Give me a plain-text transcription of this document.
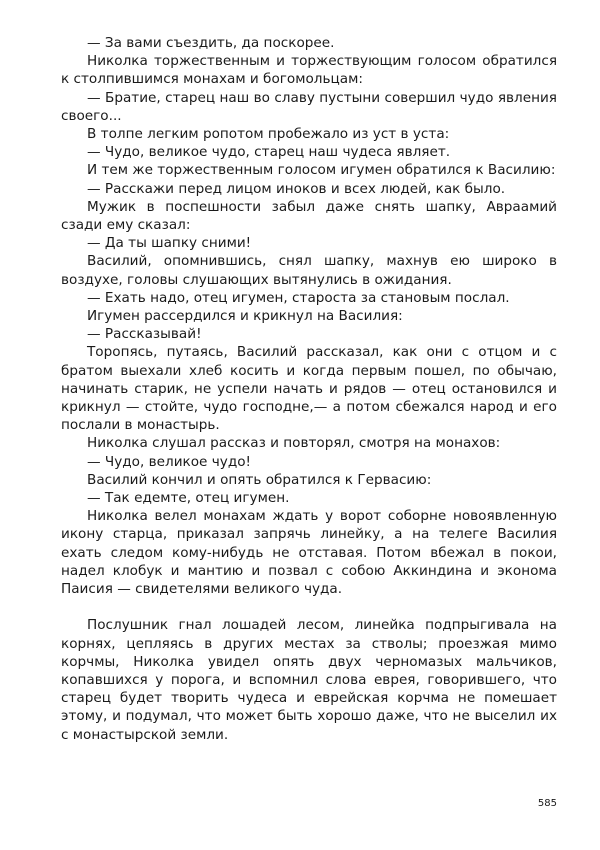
— За вами съездить, да поскорее.

Николка торжественным и торжествующим голосом обратился к столпившимся монахам и богомольцам:

— Братие, старец наш во славу пустыни совершил чудо явления своего...

В толпе легким ропотом пробежало из уст в уста:

— Чудо, великое чудо, старец наш чудеса являет.

И тем же торжественным голосом игумен обратился к Василию:

— Расскажи перед лицом иноков и всех людей, как было.

Мужик в поспешности забыл даже снять шапку, Авраамий сзади ему сказал:

— Да ты шапку сними!

Василий, опомнившись, снял шапку, махнув ею широко в воздухе, головы слушающих вытянулись в ожидания.

— Ехать надо, отец игумен, староста за становым послал.

Игумен рассердился и крикнул на Василия:

— Рассказывай!

Торопясь, путаясь, Василий рассказал, как они с отцом и с братом выехали хлеб косить и когда первым пошел, по обычаю, начинать старик, не успели начать и рядов — отец остановился и крикнул — стойте, чудо господне,— а потом сбежался народ и его послали в монастырь.

Николка слушал рассказ и повторял, смотря на монахов:

— Чудо, великое чудо!

Василий кончил и опять обратился к Гервасию:

— Так едемте, отец игумен.

Николка велел монахам ждать у ворот соборне новоявленную икону старца, приказал запрячь линейку, а на телеге Василия ехать следом кому-нибудь не отставая. Потом вбежал в покои, надел клобук и мантию и позвал с собою Аккиндина и эконома Паисия — свидетелями великого чуда.

Послушник гнал лошадей лесом, линейка подпрыгивала на корнях, цепляясь в других местах за стволы; проезжая мимо корчмы, Николка увидел опять двух черномазых мальчиков, копавшихся у порога, и вспомнил слова еврея, говорившего, что старец будет творить чудеса и еврейская корчма не помешает этому, и подумал, что может быть хорошо даже, что не выселил их с монастырской земли.

585
